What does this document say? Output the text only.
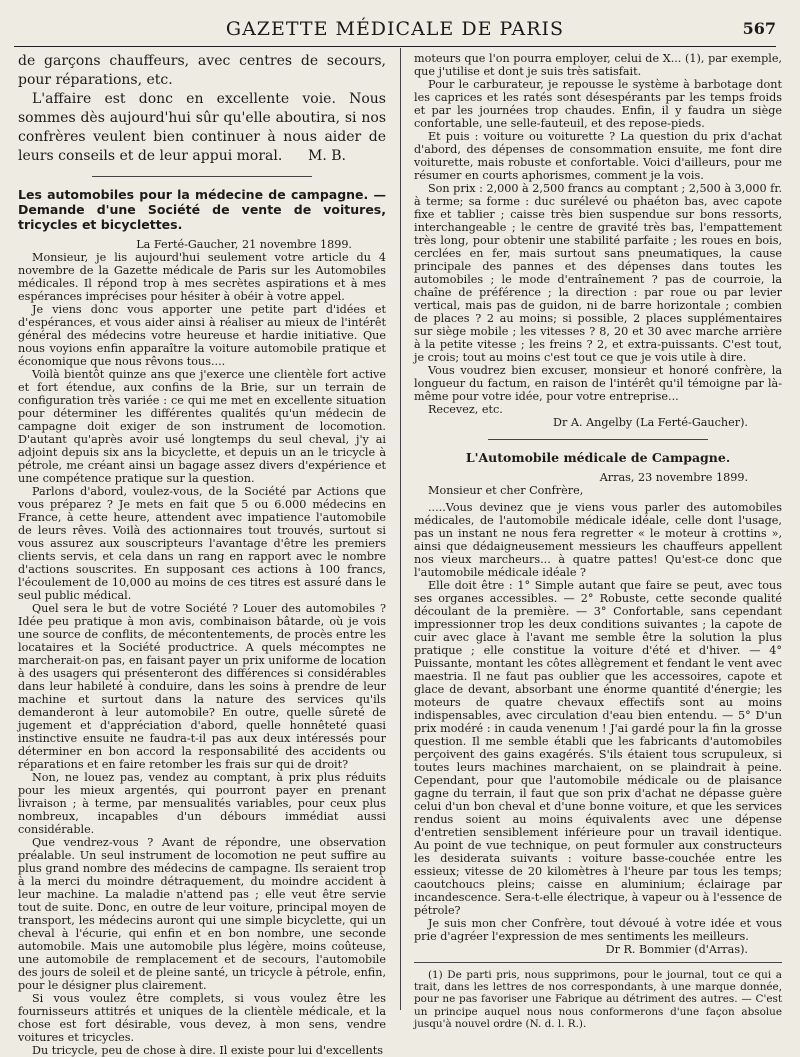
GAZETTE MÉDICALE DE PARIS	567

de garçons chauffeurs, avec centres de secours, pour réparations, etc.

L'affaire est donc en excellente voie. Nous sommes dès aujourd'hui sûr qu'elle aboutira, si nos confrères veulent bien continuer à nous aider de leurs conseils et de leur appui moral.	M. B.

Les automobiles pour la médecine de campagne. — Demande d'une Société de vente de voitures, tricycles et bicyclettes.

La Ferté-Gaucher, 21 novembre 1899.

Monsieur, je lis aujourd'hui seulement votre article du 4 novembre de la Gazette médicale de Paris sur les Automobiles médicales. Il répond trop à mes secrètes aspirations et à mes espérances imprécises pour hésiter à obéir à votre appel.

Je viens donc vous apporter une petite part d'idées et d'espérances, et vous aider ainsi à réaliser au mieux de l'intérêt général des médecins votre heureuse et hardie initiative. Que nous voyions enfin apparaître la voiture automobile pratique et économique que nous rêvons tous....

Voilà bientôt quinze ans que j'exerce une clientèle fort active et fort étendue, aux confins de la Brie, sur un terrain de configuration très variée : ce qui me met en excellente situation pour déterminer les différentes qualités qu'un médecin de campagne doit exiger de son instrument de locomotion. D'autant qu'après avoir usé longtemps du seul cheval, j'y ai adjoint depuis six ans la bicyclette, et depuis un an le tricycle à pétrole, me créant ainsi un bagage assez divers d'expérience et une compétence pratique sur la question.

Parlons d'abord, voulez-vous, de la Société par Actions que vous préparez ? Je mets en fait que 5 ou 6.000 médecins en France, à cette heure, attendent avec impatience l'automobile de leurs rêves. Voilà des actionnaires tout trouvés, surtout si vous assurez aux souscripteurs l'avantage d'être les premiers clients servis, et cela dans un rang en rapport avec le nombre d'actions souscrites. En supposant ces actions à 100 francs, l'écoulement de 10,000 au moins de ces titres est assuré dans le seul public médical.

Quel sera le but de votre Société ? Louer des automobiles ? Idée peu pratique à mon avis, combinaison bâtarde, où je vois une source de conflits, de mécontentements, de procès entre les locataires et la Société productrice. A quels mécomptes ne marcherait-on pas, en faisant payer un prix uniforme de location à des usagers qui présenteront des différences si considérables dans leur habileté à conduire, dans les soins à prendre de leur machine et surtout dans la nature des services qu'ils demanderont à leur automobile? En outre, quelle sûreté de jugement et d'appréciation d'abord, quelle honnêteté quasi instinctive ensuite ne faudra-t-il pas aux deux intéressés pour déterminer en bon accord la responsabilité des accidents ou réparations et en faire retomber les frais sur qui de droit?

Non, ne louez pas, vendez au comptant, à prix plus réduits pour les mieux argentés, qui pourront payer en prenant livraison ; à terme, par mensualités variables, pour ceux plus nombreux, incapables d'un débours immédiat aussi considérable.

Que vendrez-vous ? Avant de répondre, une observation préalable. Un seul instrument de locomotion ne peut suffire au plus grand nombre des médecins de campagne. Ils seraient trop à la merci du moindre détraquement, du moindre accident à leur machine. La maladie n'attend pas ; elle veut être servie tout de suite. Donc, en outre de leur voiture, principal moyen de transport, les médecins auront qui une simple bicyclette, qui un cheval à l'écurie, qui enfin et en bon nombre, une seconde automobile. Mais une automobile plus légère, moins coûteuse, une automobile de remplacement et de secours, l'automobile des jours de soleil et de pleine santé, un tricycle à pétrole, enfin, pour le désigner plus clairement.

Si vous voulez être complets, si vous voulez être les fournisseurs attitrés et uniques de la clientèle médicale, et la chose est fort désirable, vous devez, à mon sens, vendre voitures et tricycles.

Du tricycle, peu de chose à dire. Il existe pour lui d'excellents

moteurs que l'on pourra employer, celui de X... (1), par exemple, que j'utilise et dont je suis très satisfait.

Pour le carburateur, je repousse le système à barbotage dont les caprices et les ratés sont désespérants par les temps froids et par les journées trop chaudes. Enfin, il y faudra un siège confortable, une selle-fauteuil, et des repose-pieds.

Et puis : voiture ou voiturette ? La question du prix d'achat d'abord, des dépenses de consommation ensuite, me font dire voiturette, mais robuste et confortable. Voici d'ailleurs, pour me résumer en courts aphorismes, comment je la vois.

Son prix : 2,000 à 2,500 francs au comptant ; 2,500 à 3,000 fr. à terme; sa forme : duc surélevé ou phaéton bas, avec capote fixe et tablier ; caisse très bien suspendue sur bons ressorts, interchangeable ; le centre de gravité très bas, l'empattement très long, pour obtenir une stabilité parfaite ; les roues en bois, cerclées en fer, mais surtout sans pneumatiques, la cause principale des pannes et des dépenses dans toutes les automobiles ; le mode d'entraînement ? pas de courroie, la chaîne de préférence ; la direction : par roue ou par levier vertical, mais pas de guidon, ni de barre horizontale ; combien de places ? 2 au moins; si possible, 2 places supplémentaires sur siège mobile ; les vitesses ? 8, 20 et 30 avec marche arrière à la petite vitesse ; les freins ? 2, et extra-puissants. C'est tout, je crois; tout au moins c'est tout ce que je vois utile à dire.

Vous voudrez bien excuser, monsieur et honoré confrère, la longueur du factum, en raison de l'intérêt qu'il témoigne par là-même pour votre idée, pour votre entreprise...

Recevez, etc.

Dr A. Angelby (La Ferté-Gaucher).

L'Automobile médicale de Campagne.

Arras, 23 novembre 1899.

Monsieur et cher Confrère,

.....Vous devinez que je viens vous parler des automobiles médicales, de l'automobile médicale idéale, celle dont l'usage, pas un instant ne nous fera regretter « le moteur à crottins », ainsi que dédaigneusement messieurs les chauffeurs appellent nos vieux marcheurs... à quatre pattes! Qu'est-ce donc que l'automobile médicale idéale ?

Elle doit être : 1° Simple autant que faire se peut, avec tous ses organes accessibles. — 2° Robuste, cette seconde qualité découlant de la première. — 3° Confortable, sans cependant impressionner trop les deux conditions suivantes ; la capote de cuir avec glace à l'avant me semble être la solution la plus pratique ; elle constitue la voiture d'été et d'hiver. — 4° Puissante, montant les côtes allègrement et fendant le vent avec maestria. Il ne faut pas oublier que les accessoires, capote et glace de devant, absorbant une énorme quantité d'énergie; les moteurs de quatre chevaux effectifs sont au moins indispensables, avec circulation d'eau bien entendu. — 5° D'un prix modéré : in cauda venenum ! J'ai gardé pour la fin la grosse question. Il me semble établi que les fabricants d'automobiles perçoivent des gains exagérés. S'ils étaient tous scrupuleux, si toutes leurs machines marchaient, on se plaindrait à peine. Cependant, pour que l'automobile médicale ou de plaisance gagne du terrain, il faut que son prix d'achat ne dépasse guère celui d'un bon cheval et d'une bonne voiture, et que les services rendus soient au moins équivalents avec une dépense d'entretien sensiblement inférieure pour un travail identique. Au point de vue technique, on peut formuler aux constructeurs les desiderata suivants : voiture basse-couchée entre les essieux; vitesse de 20 kilomètres à l'heure par tous les temps; caoutchoucs pleins; caisse en aluminium; éclairage par incandescence. Sera-t-elle électrique, à vapeur ou à l'essence de pétrole?

Je suis mon cher Confrère, tout dévoué à votre idée et vous prie d'agréer l'expression de mes sentiments les meilleurs.

Dr R. Bommier (d'Arras).

(1) De parti pris, nous supprimons, pour le journal, tout ce qui a trait, dans les lettres de nos correspondants, à une marque donnée, pour ne pas favoriser une Fabrique au détriment des autres. — C'est un principe auquel nous nous conformerons d'une façon absolue jusqu'à nouvel ordre (N. d. l. R.).
